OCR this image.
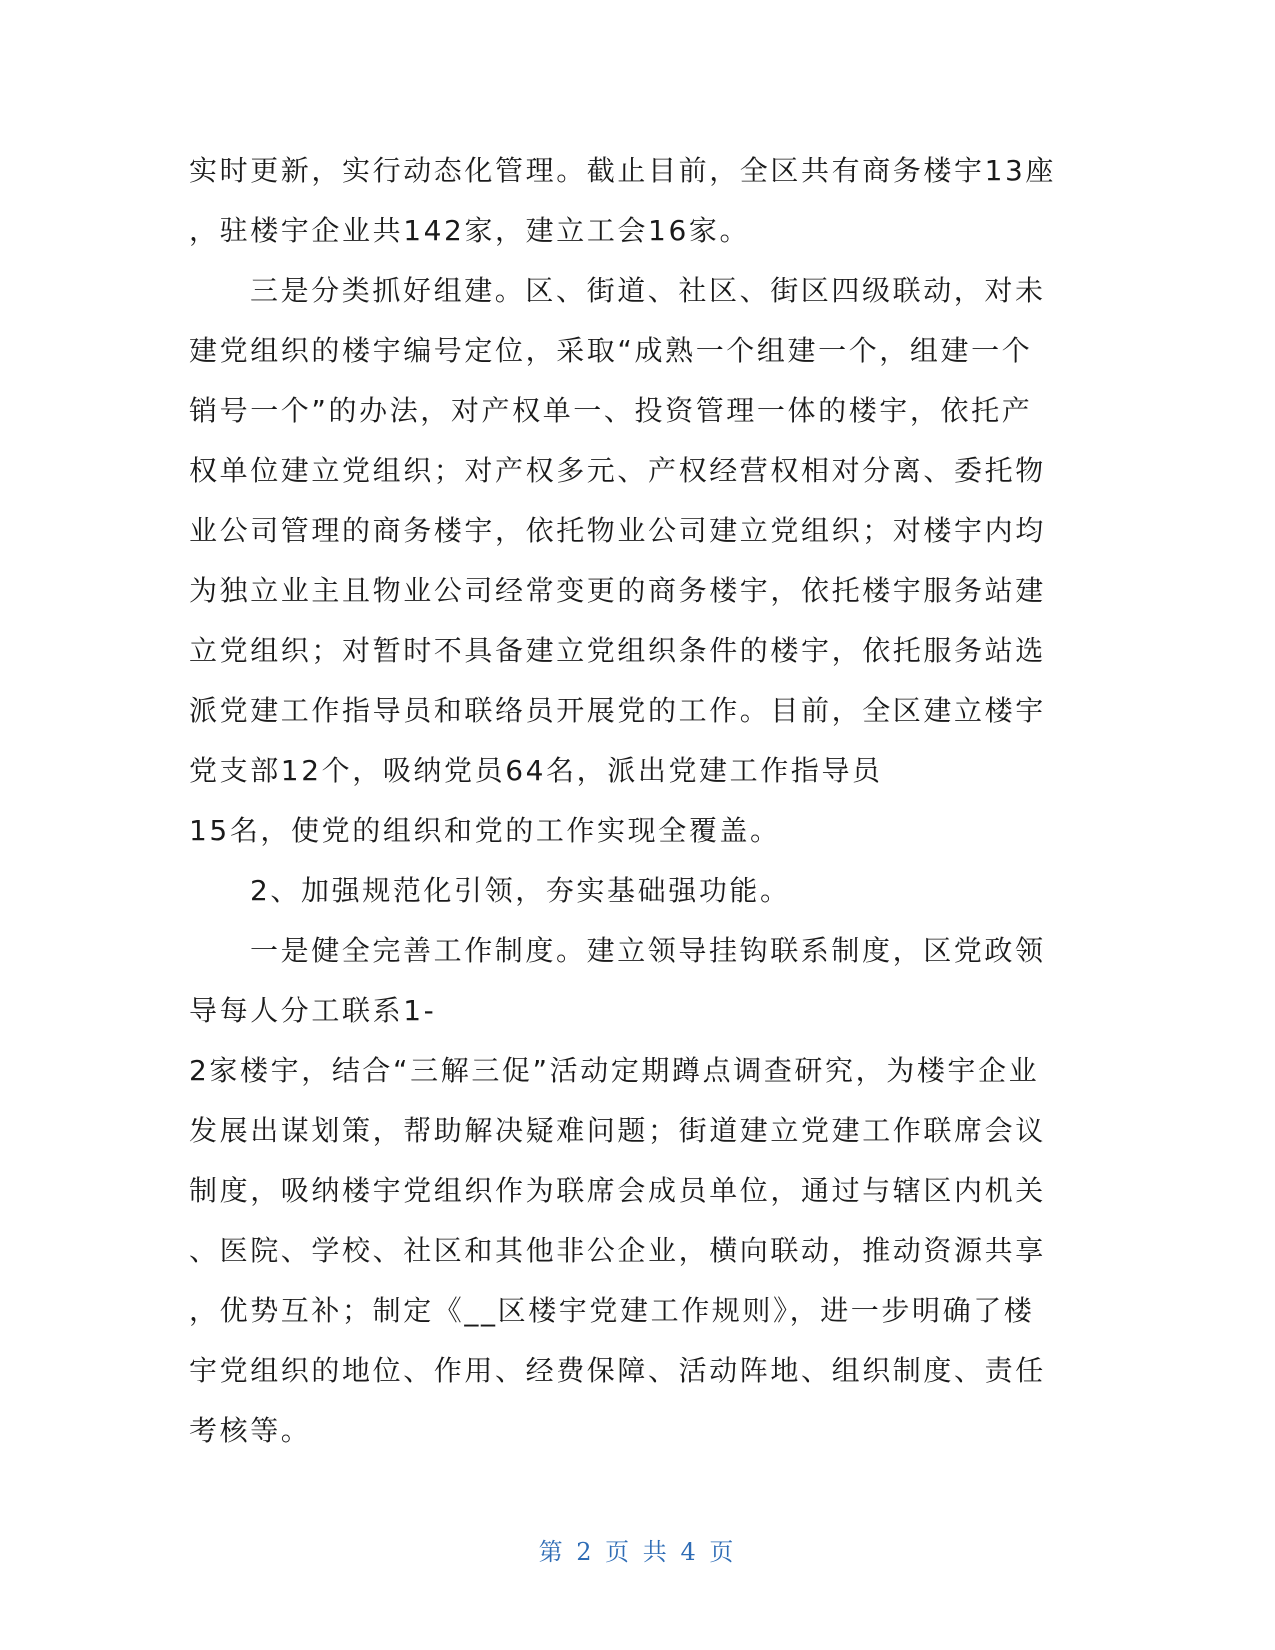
实时更新，实行动态化管理。截止目前，全区共有商务楼宇13座

，驻楼宇企业共142家，建立工会16家。

三是分类抓好组建。区、街道、社区、街区四级联动，对未

建党组织的楼宇编号定位，采取“成熟一个组建一个，组建一个

销号一个”的办法，对产权单一、投资管理一体的楼宇，依托产

权单位建立党组织；对产权多元、产权经营权相对分离、委托物

业公司管理的商务楼宇，依托物业公司建立党组织；对楼宇内均

为独立业主且物业公司经常变更的商务楼宇，依托楼宇服务站建

立党组织；对暂时不具备建立党组织条件的楼宇，依托服务站选

派党建工作指导员和联络员开展党的工作。目前，全区建立楼宇

党支部12个，吸纳党员64名，派出党建工作指导员

15名，使党的组织和党的工作实现全覆盖。

2、加强规范化引领，夯实基础强功能。

一是健全完善工作制度。建立领导挂钩联系制度，区党政领

导每人分工联系1-

2家楼宇，结合“三解三促”活动定期蹲点调查研究，为楼宇企业

发展出谋划策，帮助解决疑难问题；街道建立党建工作联席会议

制度，吸纳楼宇党组织作为联席会成员单位，通过与辖区内机关

、医院、学校、社区和其他非公企业，横向联动，推动资源共享

，优势互补；制定《__区楼宇党建工作规则》，进一步明确了楼

宇党组织的地位、作用、经费保障、活动阵地、组织制度、责任

考核等。

第 2 页 共 4 页
